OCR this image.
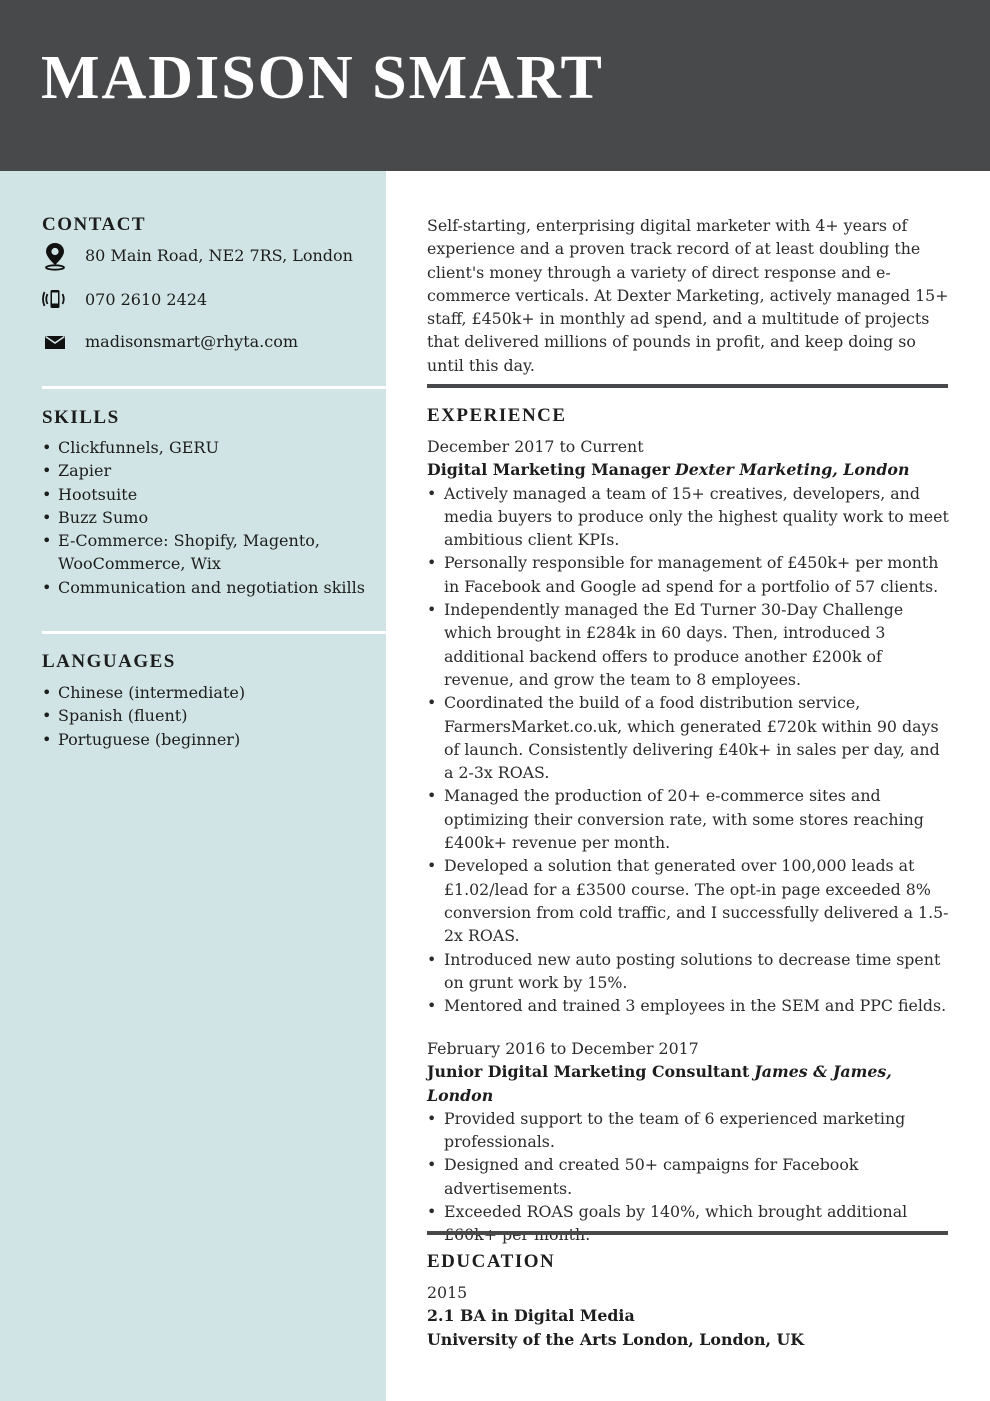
MADISON SMART
CONTACT
80 Main Road, NE2 7RS, London
070 2610 2424
madisonsmart@rhyta.com
SKILLS
• Clickfunnels, GERU
• Zapier
• Hootsuite
• Buzz Sumo
• E-Commerce: Shopify, Magento, WooCommerce, Wix
• Communication and negotiation skills
LANGUAGES
• Chinese (intermediate)
• Spanish (fluent)
• Portuguese (beginner)
Self-starting, enterprising digital marketer with 4+ years of experience and a proven track record of at least doubling the client's money through a variety of direct response and e-commerce verticals. At Dexter Marketing, actively managed 15+ staff, £450k+ in monthly ad spend, and a multitude of projects that delivered millions of pounds in profit, and keep doing so until this day.
EXPERIENCE
December 2017 to Current
Digital Marketing Manager Dexter Marketing, London
• Actively managed a team of 15+ creatives, developers, and media buyers to produce only the highest quality work to meet ambitious client KPIs.
• Personally responsible for management of £450k+ per month in Facebook and Google ad spend for a portfolio of 57 clients.
• Independently managed the Ed Turner 30-Day Challenge which brought in £284k in 60 days. Then, introduced 3 additional backend offers to produce another £200k of revenue, and grow the team to 8 employees.
• Coordinated the build of a food distribution service, FarmersMarket.co.uk, which generated £720k within 90 days of launch. Consistently delivering £40k+ in sales per day, and a 2-3x ROAS.
• Managed the production of 20+ e-commerce sites and optimizing their conversion rate, with some stores reaching £400k+ revenue per month.
• Developed a solution that generated over 100,000 leads at £1.02/lead for a £3500 course. The opt-in page exceeded 8% conversion from cold traffic, and I successfully delivered a 1.5-2x ROAS.
• Introduced new auto posting solutions to decrease time spent on grunt work by 15%.
• Mentored and trained 3 employees in the SEM and PPC fields.
February 2016 to December 2017
Junior Digital Marketing Consultant James & James, London
• Provided support to the team of 6 experienced marketing professionals.
• Designed and created 50+ campaigns for Facebook advertisements.
• Exceeded ROAS goals by 140%, which brought additional
EDUCATION
2015
2.1 BA in Digital Media
University of the Arts London, London, UK
